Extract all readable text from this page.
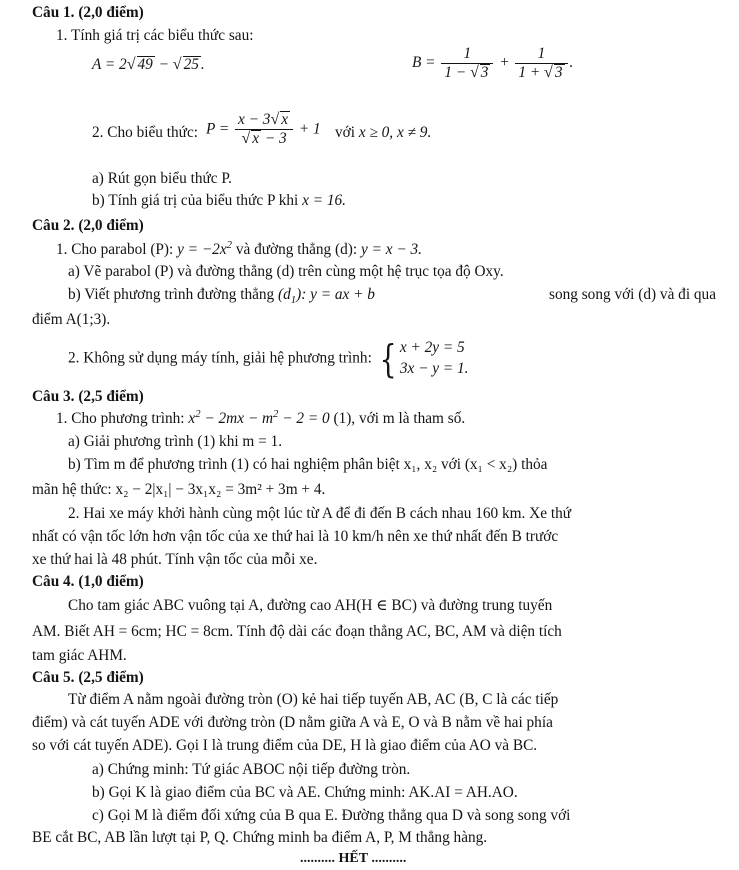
Câu 1. (2,0 điểm)
1. Tính giá trị các biểu thức sau:
A = 2√ 49 − √ 25 .	$B = \frac{1}{1 - √ 3} + \frac{1}{1 + √ 3}$ .
2. Cho biểu thức: $P = \frac{x - 3√ x}{√ x - 3} + 1$ với x ≥ 0, x ≠ 9.
a) Rút gọn biểu thức P.
b) Tính giá trị của biểu thức P khi x = 16.
Câu 2. (2,0 điểm)
1. Cho parabol (P): $y = -2x^2$ và đường thẳng (d): y = x − 3.
a) Vẽ parabol (P) và đường thẳng (d) trên cùng một hệ trục tọa độ Oxy.
b) Viết phương trình đường thẳng $(d_1)$: y = ax + b	song song với (d) và đi qua
điểm A(1;3).
2. Không sử dụng máy tính, giải hệ phương trình: { x + 2y = 5
3x − y = 1.
Câu 3. (2,5 điểm)
1. Cho phương trình: $x^2 - 2mx - m^2 - 2 = 0$ (1), với m là tham số.
a) Giải phương trình (1) khi m = 1.
b) Tìm m để phương trình (1) có hai nghiệm phân biệt x₁, x₂ với (x₁ < x₂) thỏa
mãn hệ thức: x₂ − 2|x₁| − 3x₁x₂ = 3m² + 3m + 4.
2. Hai xe máy khởi hành cùng một lúc từ A để đi đến B cách nhau 160 km. Xe thứ
nhất có vận tốc lớn hơn vận tốc của xe thứ hai là 10 km/h nên xe thứ nhất đến B trước
xe thứ hai là 48 phút. Tính vận tốc của mỗi xe.
Câu 4. (1,0 điểm)
Cho tam giác ABC vuông tại A, đường cao AH(H ∈ BC) và đường trung tuyến
AM. Biết AH = 6cm; HC = 8cm. Tính độ dài các đoạn thẳng AC, BC, AM và diện tích
tam giác AHM.
Câu 5. (2,5 điểm)
Từ điểm A nằm ngoài đường tròn (O) kẻ hai tiếp tuyến AB, AC (B, C là các tiếp
điểm) và cát tuyến ADE với đường tròn (D nằm giữa A và E, O và B nằm về hai phía
so với cát tuyến ADE). Gọi I là trung điểm của DE, H là giao điểm của AO và BC.
a) Chứng minh: Tứ giác ABOC nội tiếp đường tròn.
b) Gọi K là giao điểm của BC và AE. Chứng minh: AK.AI = AH.AO.
c) Gọi M là điểm đối xứng của B qua E. Đường thẳng qua D và song song với
BE cắt BC, AB lần lượt tại P, Q. Chứng minh ba điểm A, P, M thẳng hàng.
.......... HẾT ..........
